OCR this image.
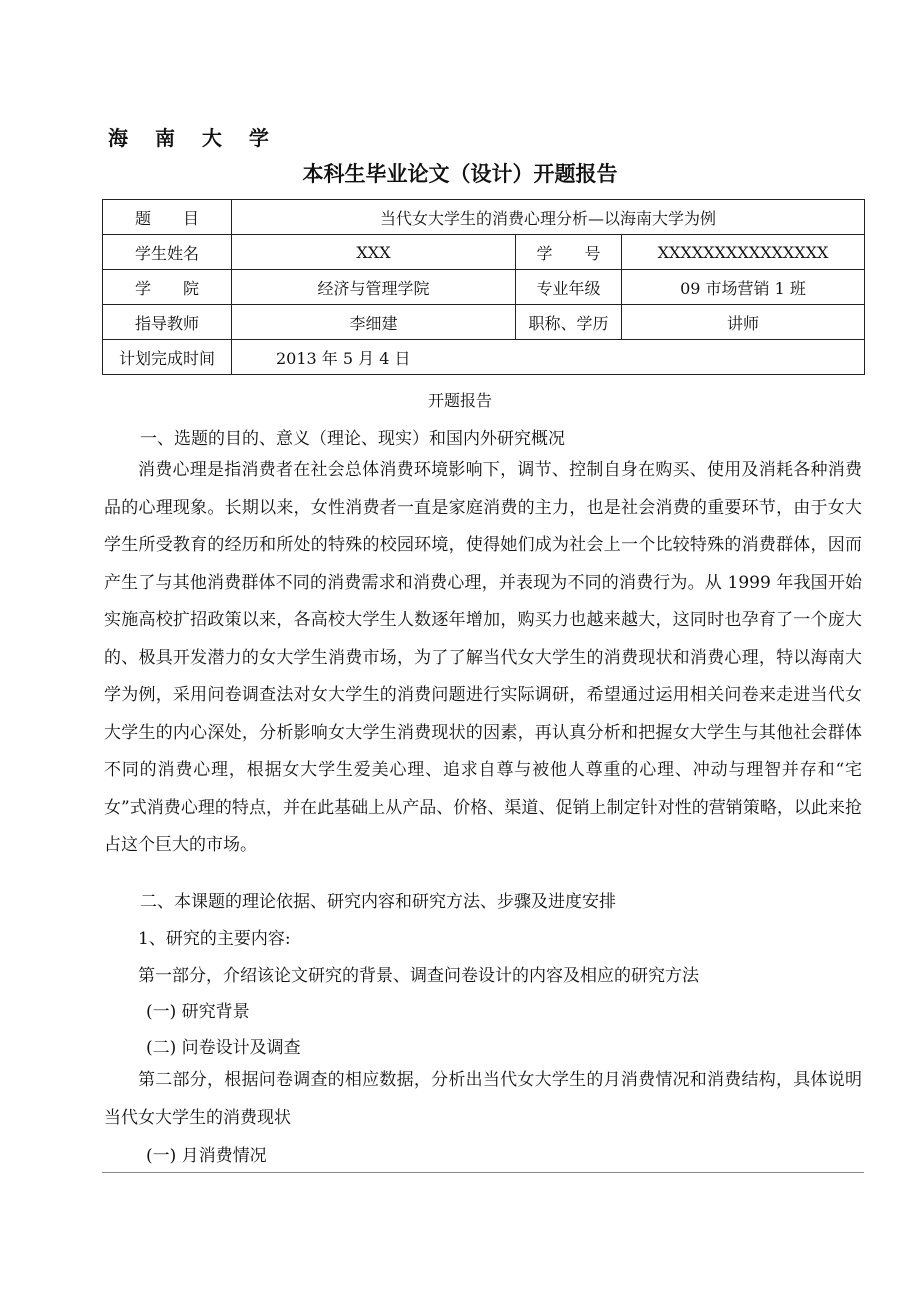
海 南 大 学
本科生毕业论文（设计）开题报告
题　　目	当代女大学生的消费心理分析—以海南大学为例		
学生姓名	XXX	学　　号	XXXXXXXXXXXXXXX
学　　院	经济与管理学院	专业年级	09 市场营销 1 班
指导教师	李细建	职称、学历	讲师
计划完成时间	2013 年 5 月 4 日		
开题报告
一、选题的目的、意义（理论、现实）和国内外研究概况

消费心理是指消费者在社会总体消费环境影响下，调节、控制自身在购买、使用及消耗各种消费品的心理现象。长期以来，女性消费者一直是家庭消费的主力，也是社会消费的重要环节，由于女大学生所受教育的经历和所处的特殊的校园环境，使得她们成为社会上一个比较特殊的消费群体，因而产生了与其他消费群体不同的消费需求和消费心理，并表现为不同的消费行为。从 1999 年我国开始实施高校扩招政策以来，各高校大学生人数逐年增加，购买力也越来越大，这同时也孕育了一个庞大的、极具开发潜力的女大学生消费市场，为了了解当代女大学生的消费现状和消费心理，特以海南大学为例，采用问卷调查法对女大学生的消费问题进行实际调研，希望通过运用相关问卷来走进当代女大学生的内心深处，分析影响女大学生消费现状的因素，再认真分析和把握女大学生与其他社会群体不同的消费心理，根据女大学生爱美心理、追求自尊与被他人尊重的心理、冲动与理智并存和“宅女”式消费心理的特点，并在此基础上从产品、价格、渠道、促销上制定针对性的营销策略，以此来抢占这个巨大的市场。

二、本课题的理论依据、研究内容和研究方法、步骤及进度安排
1、研究的主要内容:
第一部分，介绍该论文研究的背景、调查问卷设计的内容及相应的研究方法
(一) 研究背景
(二) 问卷设计及调查

第二部分，根据问卷调查的相应数据，分析出当代女大学生的月消费情况和消费结构，具体说明当代女大学生的消费现状

(一) 月消费情况
